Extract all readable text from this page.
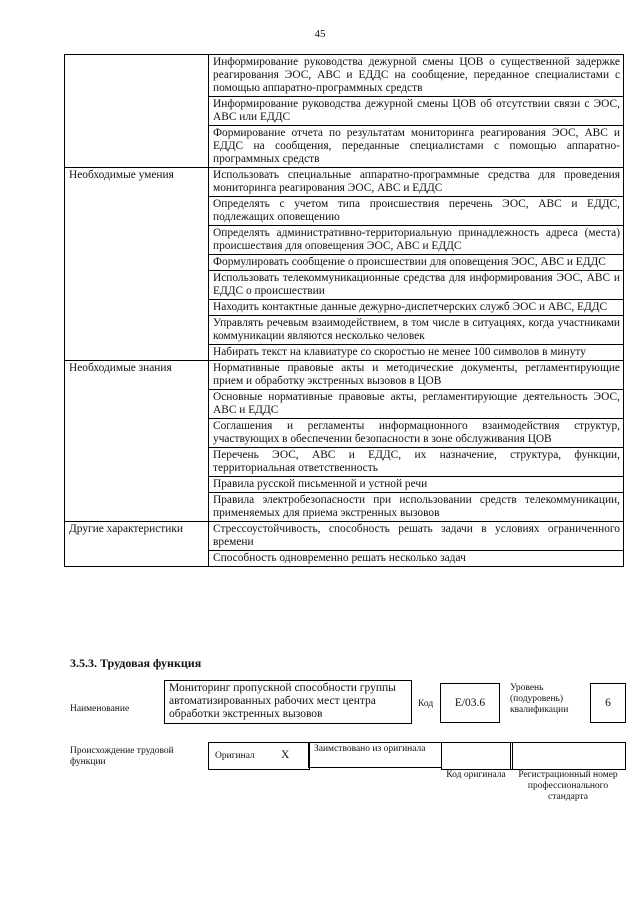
45
	Информирование руководства дежурной смены ЦОВ о существенной задержке реагирования ЭОС, АВС и ЕДДС на сообщение, переданное специалистами с помощью аппаратно-программных средств
	Информирование руководства дежурной смены ЦОВ об отсутствии связи с ЭОС, АВС или ЕДДС
	Формирование отчета по результатам мониторинга реагирования ЭОС, АВС и ЕДДС на сообщения, переданные специалистами с помощью аппаратно-программных средств
Необходимые умения	Использовать специальные аппаратно-программные средства для проведения мониторинга реагирования ЭОС, АВС и ЕДДС
	Определять с учетом типа происшествия перечень ЭОС, АВС и ЕДДС, подлежащих оповещению
	Определять административно-территориальную принадлежность адреса (места) происшествия для оповещения ЭОС, АВС и ЕДДС
	Формулировать сообщение о происшествии для оповещения ЭОС, АВС и ЕДДС
	Использовать телекоммуникационные средства для информирования ЭОС, АВС и ЕДДС о происшествии
	Находить контактные данные дежурно-диспетчерских служб ЭОС и АВС, ЕДДС
	Управлять речевым взаимодействием, в том числе в ситуациях, когда участниками коммуникации являются несколько человек
	Набирать текст на клавиатуре со скоростью не менее 100 символов в минуту
Необходимые знания	Нормативные правовые акты и методические документы, регламентирующие прием и обработку экстренных вызовов в ЦОВ
	Основные нормативные правовые акты, регламентирующие деятельность ЭОС, АВС и ЕДДС
	Соглашения и регламенты информационного взаимодействия структур, участвующих в обеспечении безопасности в зоне обслуживания ЦОВ
	Перечень ЭОС, АВС и ЕДДС, их назначение, структура, функции, территориальная ответственность
	Правила русской письменной и устной речи
	Правила электробезопасности при использовании средств телекоммуникации, применяемых для приема экстренных вызовов
Другие характеристики	Стрессоустойчивость, способность решать задачи в условиях ограниченного времени
	Способность одновременно решать несколько задач
3.5.3. Трудовая функция
Наименование
Мониторинг пропускной способности группы автоматизированных рабочих мест центра обработки экстренных вызовов
Код	E/03.6
Уровень (подуровень) квалификации
6
Происхождение трудовой функции
Оригинал X	Заимствовано из оригинала
Код оригинала	Регистрационный номер профессионального стандарта
